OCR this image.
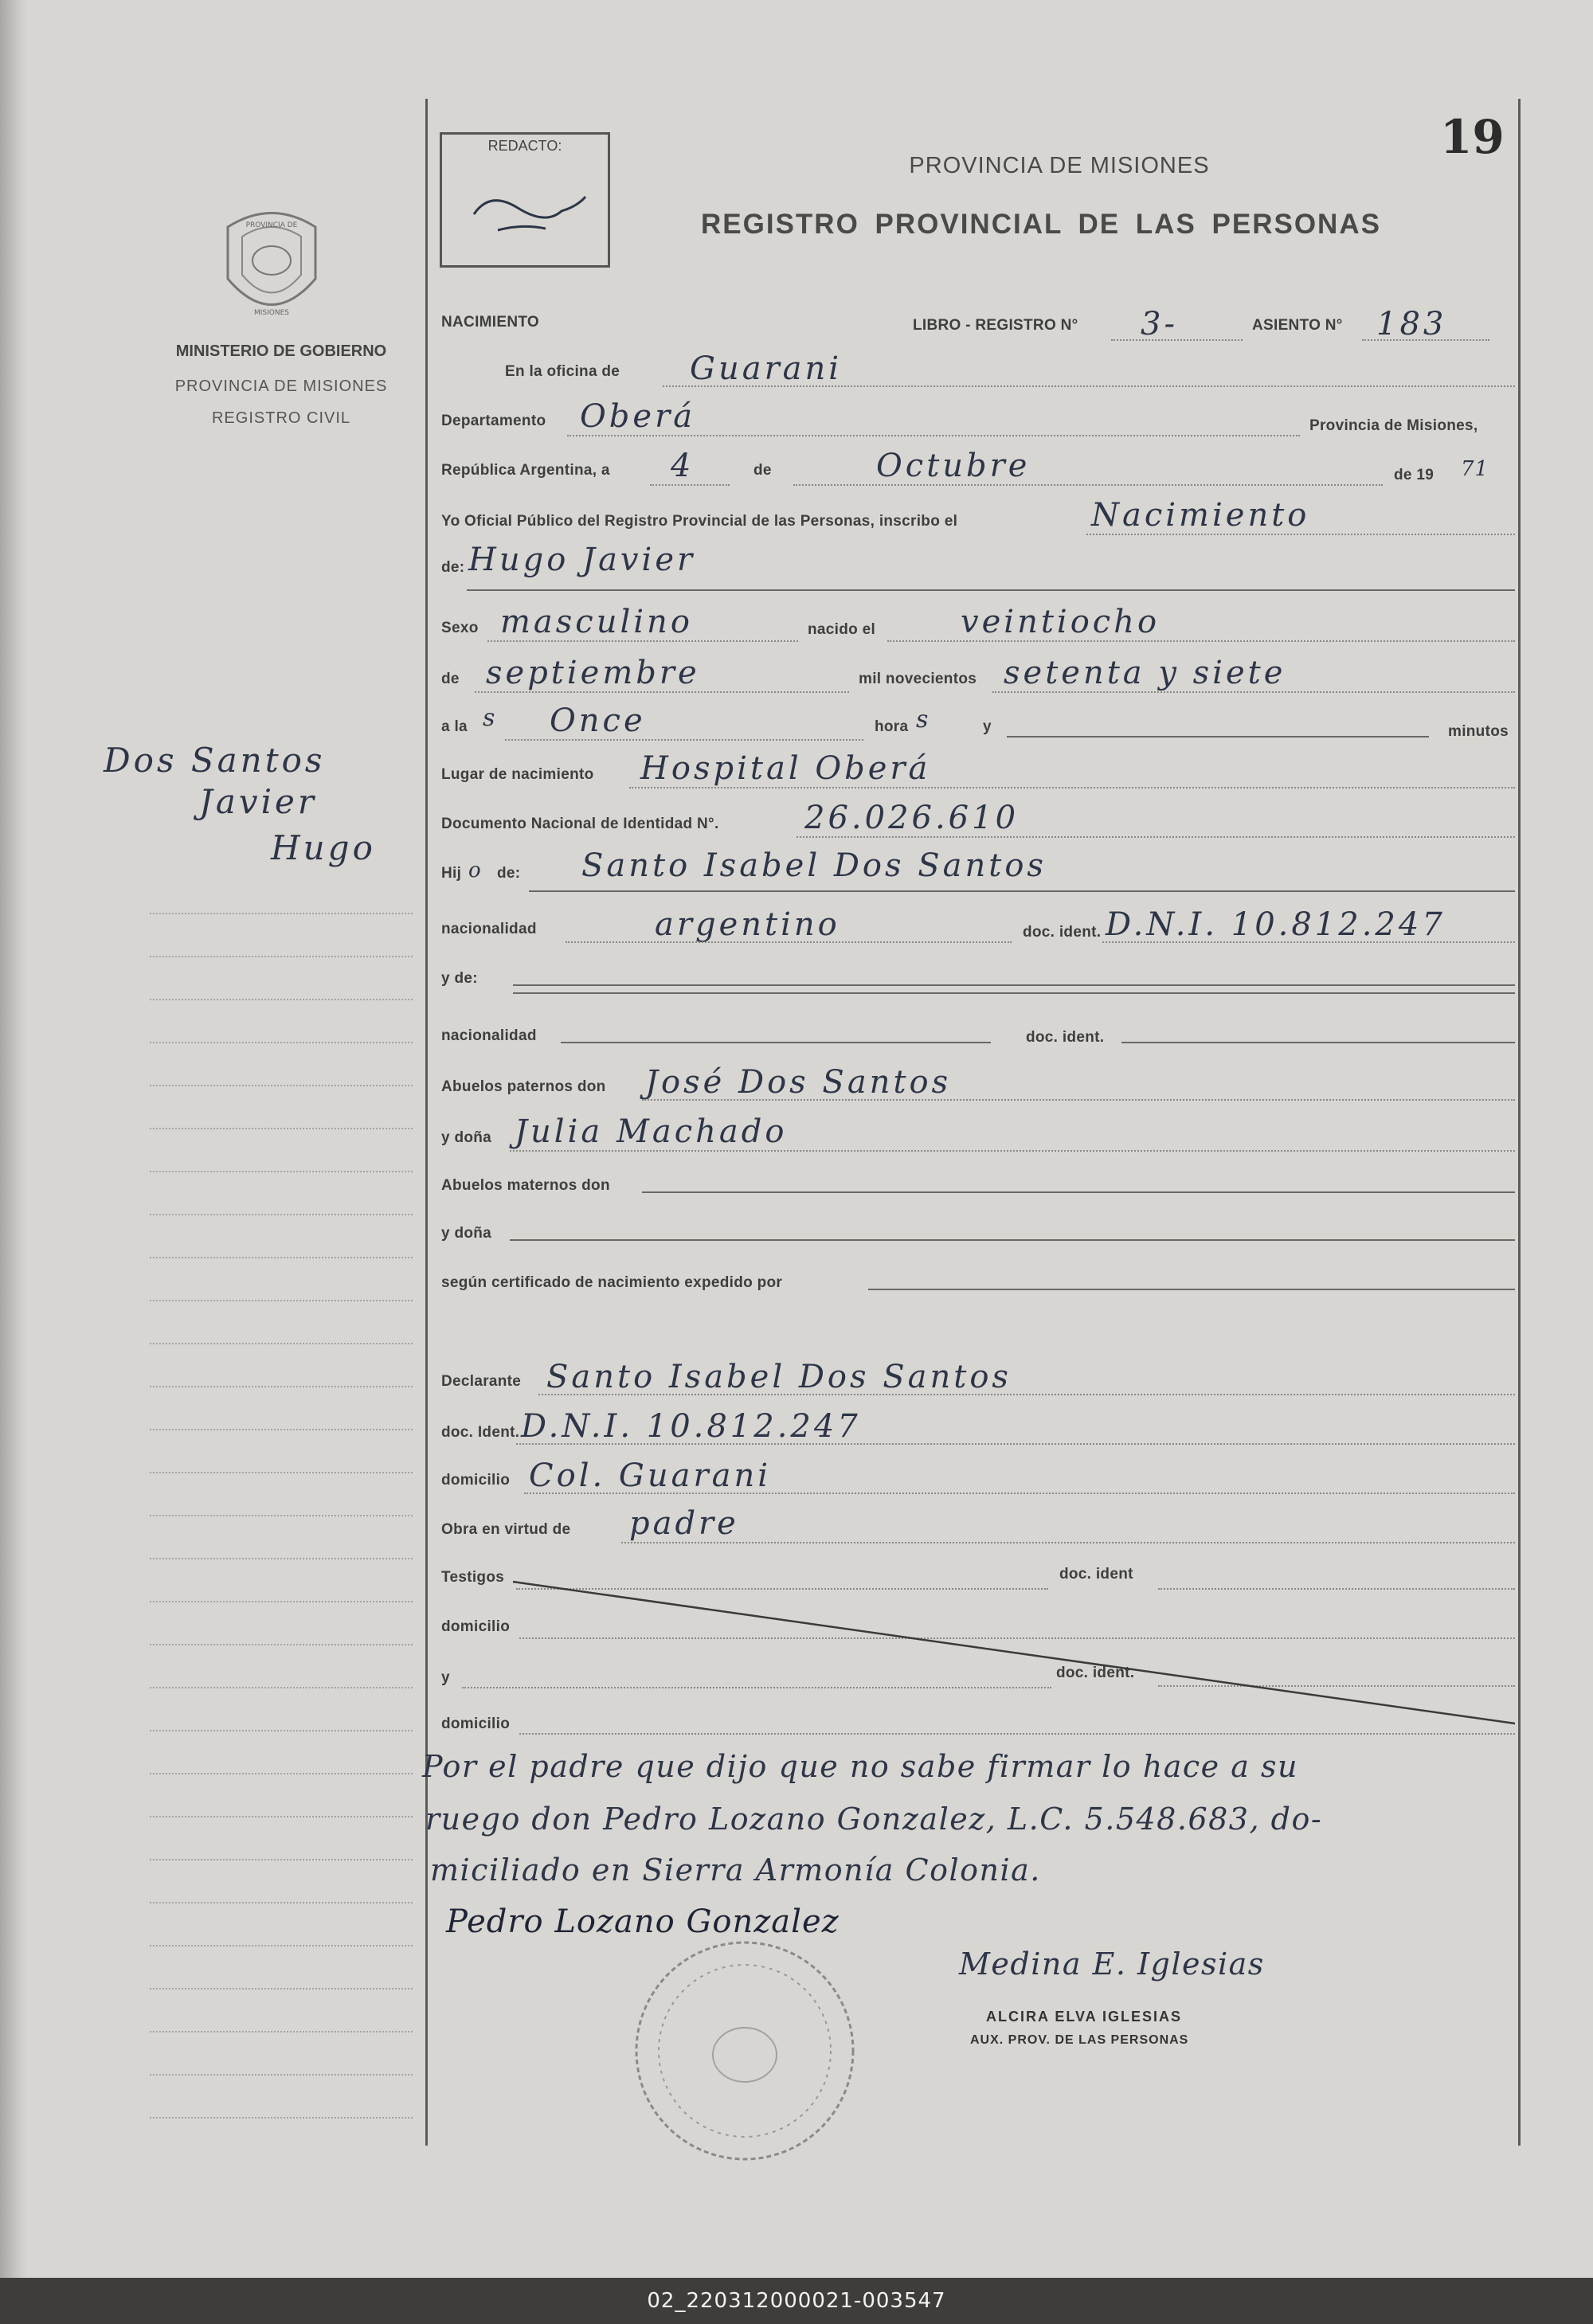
REDACTO:
PROVINCIA DE MISIONES
REGISTRO PROVINCIAL DE LAS PERSONAS
19
PROVINCIA DE
MISIONES
MINISTERIO DE GOBIERNO
PROVINCIA DE MISIONES
REGISTRO CIVIL
Dos Santos
Javier
Hugo
NACIMIENTO	LIBRO - REGISTRO N° 3-	ASIENTO N° 183
En la oficina de Guarani
Departamento Oberá	Provincia de Misiones,
República Argentina, a 4	de	Octubre	de 19 71
Yo Oficial Público del Registro Provincial de las Personas, inscribo el	Nacimiento
de: Hugo Javier
Sexo masculino	nacido el	veintiocho
de septiembre	mil novecientos setenta y siete
a la s Once	hora s	y	minutos
Lugar de nacimiento Hospital Oberá
Documento Nacional de Identidad N°.	26.026.610
Hij o de: Santo Isabel Dos Santos
nacionalidad	argentino	doc. ident. D.N.I. 10.812.247
y de:
nacionalidad	doc. ident.
Abuelos paternos don José Dos Santos
y doña Julia Machado
Abuelos maternos don
y doña
según certificado de nacimiento expedido por
Declarante Santo Isabel Dos Santos
doc. Ident. D.N.I. 10.812.247
domicilio Col. Guarani
Obra en virtud de padre
Testigos	doc. ident
domicilio
y	doc. ident.
domicilio
Por el padre que dijo que no sabe firmar lo hace a su
ruego don Pedro Lozano Gonzalez, L.C. 5.548.683, do-
miciliado en Sierra Armonía Colonia.
Pedro Lozano Gonzalez
Medina E. Iglesias
ALCIRA ELVA IGLESIAS
AUX. PROV. DE LAS PERSONAS
02_220312000021-003547
